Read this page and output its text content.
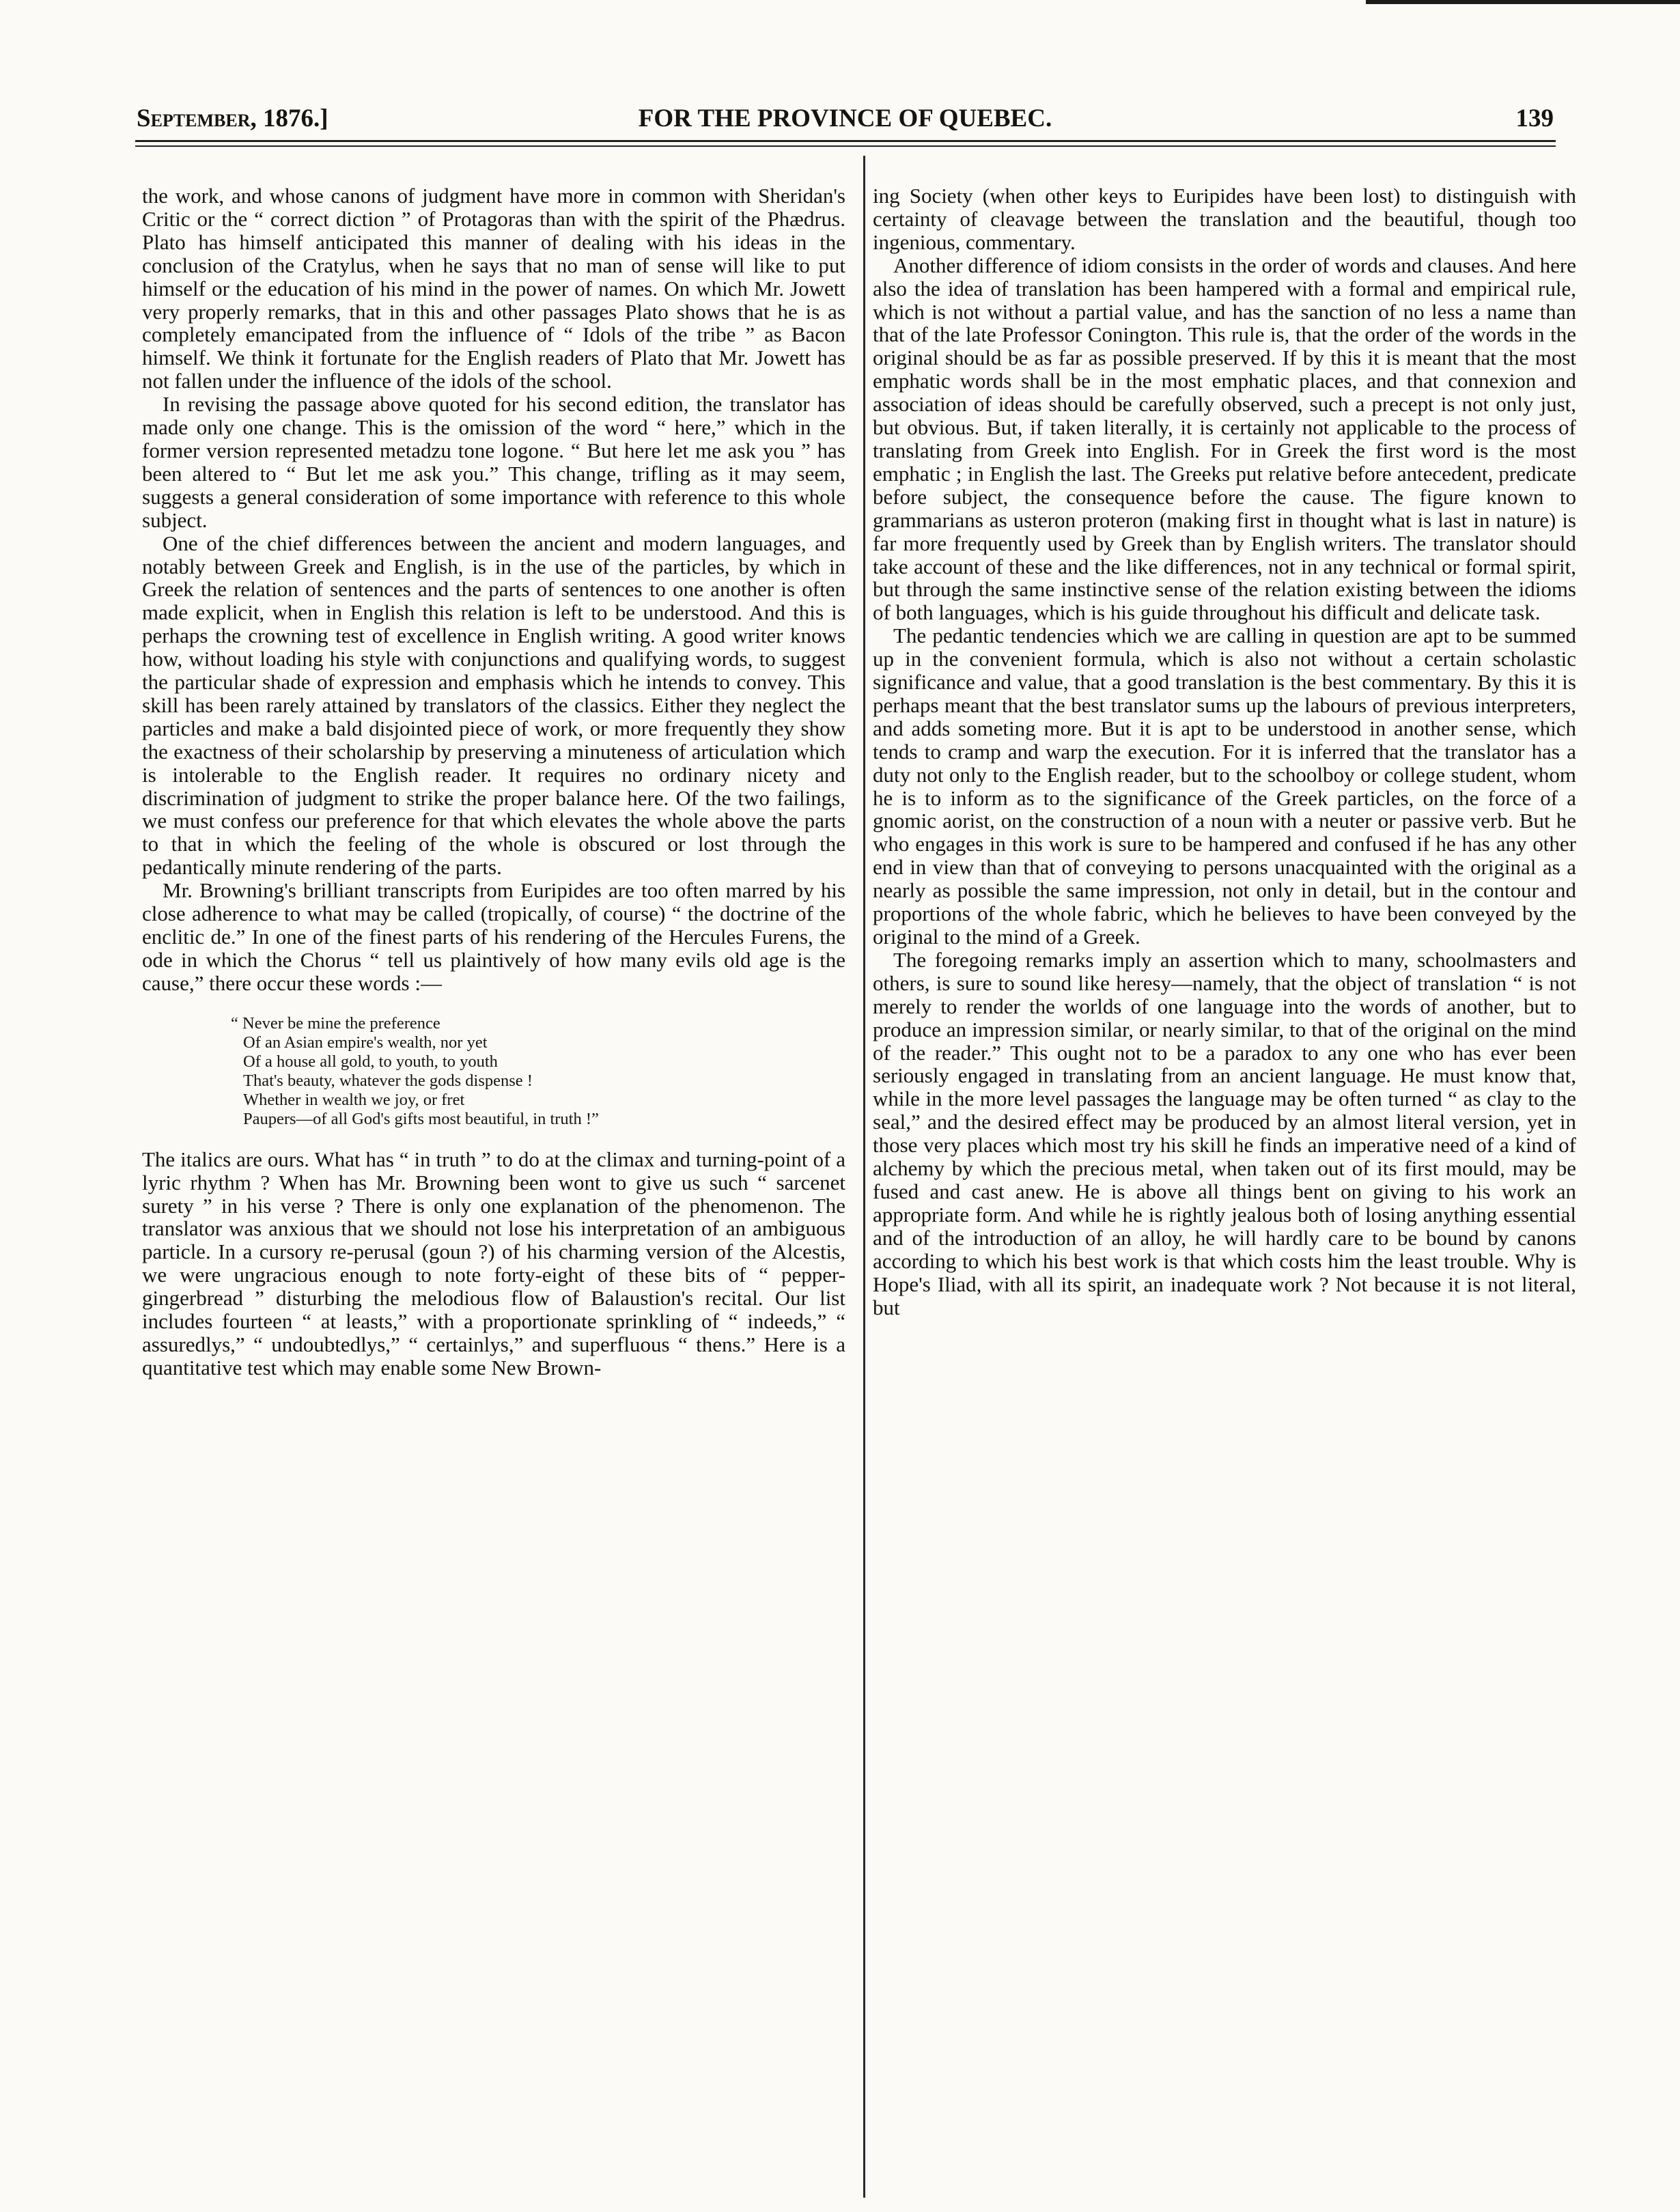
September, 1876.]	FOR THE PROVINCE OF QUEBEC.	139

the work, and whose canons of judgment have more in common with Sheridan's Critic or the “ correct diction ” of Protagoras than with the spirit of the Phædrus. Plato has himself anticipated this manner of dealing with his ideas in the conclusion of the Cratylus, when he says that no man of sense will like to put himself or the education of his mind in the power of names. On which Mr. Jowett very properly remarks, that in this and other passages Plato shows that he is as completely emancipated from the influence of “ Idols of the tribe ” as Bacon himself. We think it fortunate for the English readers of Plato that Mr. Jowett has not fallen under the influence of the idols of the school.

In revising the passage above quoted for his second edition, the translator has made only one change. This is the omission of the word “ here,” which in the former version represented metadzu tone logone. “ But here let me ask you ” has been altered to “ But let me ask you.” This change, trifling as it may seem, suggests a general consideration of some importance with reference to this whole subject.

One of the chief differences between the ancient and modern languages, and notably between Greek and English, is in the use of the particles, by which in Greek the relation of sentences and the parts of sentences to one another is often made explicit, when in English this relation is left to be understood. And this is perhaps the crowning test of excellence in English writing. A good writer knows how, without loading his style with conjunctions and qualifying words, to suggest the particular shade of expression and emphasis which he intends to convey. This skill has been rarely attained by translators of the classics. Either they neglect the particles and make a bald disjointed piece of work, or more frequently they show the exactness of their scholarship by preserving a minuteness of articulation which is intolerable to the English reader. It requires no ordinary nicety and discrimination of judgment to strike the proper balance here. Of the two failings, we must confess our preference for that which elevates the whole above the parts to that in which the feeling of the whole is obscured or lost through the pedantically minute rendering of the parts.

Mr. Browning's brilliant transcripts from Euripides are too often marred by his close adherence to what may be called (tropically, of course) “ the doctrine of the enclitic de.” In one of the finest parts of his rendering of the Hercules Furens, the ode in which the Chorus “ tell us plaintively of how many evils old age is the cause,” there occur these words :—

“ Never be mine the preference
Of an Asian empire's wealth, nor yet
Of a house all gold, to youth, to youth
That's beauty, whatever the gods dispense !
Whether in wealth we joy, or fret
Paupers—of all God's gifts most beautiful, in truth !”

The italics are ours. What has “ in truth ” to do at the climax and turning-point of a lyric rhythm ? When has Mr. Browning been wont to give us such “ sarcenet surety ” in his verse ? There is only one explanation of the phenomenon. The translator was anxious that we should not lose his interpretation of an ambiguous particle. In a cursory re-perusal (goun ?) of his charming version of the Alcestis, we were ungracious enough to note forty-eight of these bits of “ pepper-gingerbread ” disturbing the melodious flow of Balaustion's recital. Our list includes fourteen “ at leasts,” with a proportionate sprinkling of “ indeeds,” “ assuredlys,” “ undoubtedlys,” “ certainlys,” and superfluous “ thens.” Here is a quantitative test which may enable some New Brown-

ing Society (when other keys to Euripides have been lost) to distinguish with certainty of cleavage between the translation and the beautiful, though too ingenious, commentary.

Another difference of idiom consists in the order of words and clauses. And here also the idea of translation has been hampered with a formal and empirical rule, which is not without a partial value, and has the sanction of no less a name than that of the late Professor Conington. This rule is, that the order of the words in the original should be as far as possible preserved. If by this it is meant that the most emphatic words shall be in the most emphatic places, and that connexion and association of ideas should be carefully observed, such a precept is not only just, but obvious. But, if taken literally, it is certainly not applicable to the process of translating from Greek into English. For in Greek the first word is the most emphatic ; in English the last. The Greeks put relative before antecedent, predicate before subject, the consequence before the cause. The figure known to grammarians as usteron proteron (making first in thought what is last in nature) is far more frequently used by Greek than by English writers. The translator should take account of these and the like differences, not in any technical or formal spirit, but through the same instinctive sense of the relation existing between the idioms of both languages, which is his guide throughout his difficult and delicate task.

The pedantic tendencies which we are calling in question are apt to be summed up in the convenient formula, which is also not without a certain scholastic significance and value, that a good translation is the best commentary. By this it is perhaps meant that the best translator sums up the labours of previous interpreters, and adds someting more. But it is apt to be understood in another sense, which tends to cramp and warp the execution. For it is inferred that the translator has a duty not only to the English reader, but to the schoolboy or college student, whom he is to inform as to the significance of the Greek particles, on the force of a gnomic aorist, on the construction of a noun with a neuter or passive verb. But he who engages in this work is sure to be hampered and confused if he has any other end in view than that of conveying to persons unacquainted with the original as a nearly as possible the same impression, not only in detail, but in the contour and proportions of the whole fabric, which he believes to have been conveyed by the original to the mind of a Greek.

The foregoing remarks imply an assertion which to many, schoolmasters and others, is sure to sound like heresy—namely, that the object of translation “ is not merely to render the worlds of one language into the words of another, but to produce an impression similar, or nearly similar, to that of the original on the mind of the reader.” This ought not to be a paradox to any one who has ever been seriously engaged in translating from an ancient language. He must know that, while in the more level passages the language may be often turned “ as clay to the seal,” and the desired effect may be produced by an almost literal version, yet in those very places which most try his skill he finds an imperative need of a kind of alchemy by which the precious metal, when taken out of its first mould, may be fused and cast anew. He is above all things bent on giving to his work an appropriate form. And while he is rightly jealous both of losing anything essential and of the introduction of an alloy, he will hardly care to be bound by canons according to which his best work is that which costs him the least trouble. Why is Hope's Iliad, with all its spirit, an inadequate work ? Not because it is not literal, but
